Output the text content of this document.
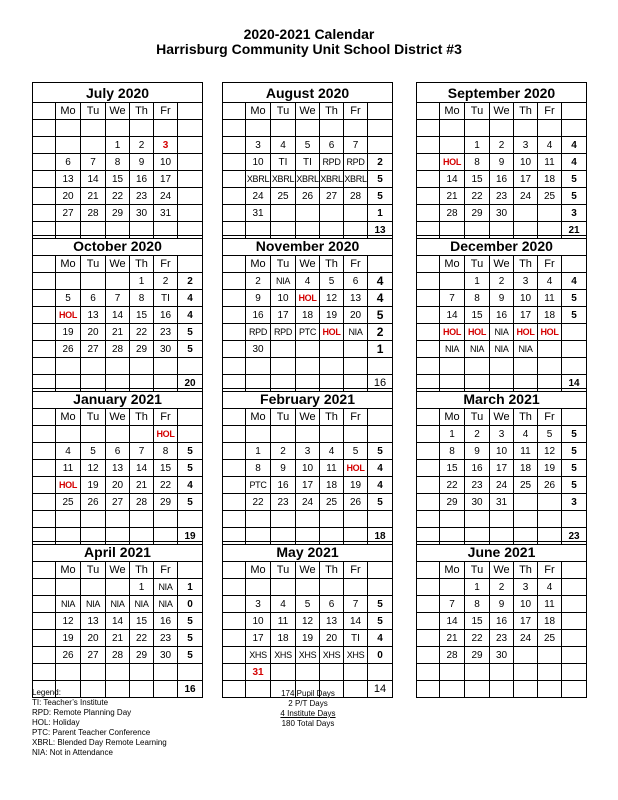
2020-2021 Calendar
Harrisburg Community Unit School District #3
July 2020						
	Mo	Tu	We	Th	Fr	

			1	2	3	
	6	7	8	9	10	
	13	14	15	16	17	
	20	21	22	23	24	
	27	28	29	30	31	

August 2020						
	Mo	Tu	We	Th	Fr	

	3	4	5	6	7	
	10	TI	TI	RPD	RPD	2
	XBRL	XBRL	XBRL	XBRL	XBRL	5
	24	25	26	27	28	5
	31					1
						13
September 2020						
	Mo	Tu	We	Th	Fr	

		1	2	3	4	4
	HOL	8	9	10	11	4
	14	15	16	17	18	5
	21	22	23	24	25	5
	28	29	30			3
						21
October 2020						
	Mo	Tu	We	Th	Fr	
				1	2	2
	5	6	7	8	TI	4
	HOL	13	14	15	16	4
	19	20	21	22	23	5
	26	27	28	29	30	5

						20
November 2020						
	Mo	Tu	We	Th	Fr	
	2	NIA	4	5	6	4
	9	10	HOL	12	13	4
	16	17	18	19	20	5
	RPD	RPD	PTC	HOL	NIA	2
	30					1

						16
December 2020						
	Mo	Tu	We	Th	Fr	
		1	2	3	4	4
	7	8	9	10	11	5
	14	15	16	17	18	5
	HOL	HOL	NIA	HOL	HOL	
	NIA	NIA	NIA	NIA		

						14
January 2021						
	Mo	Tu	We	Th	Fr	
					HOL	
	4	5	6	7	8	5
	11	12	13	14	15	5
	HOL	19	20	21	22	4
	25	26	27	28	29	5

						19
February 2021						
	Mo	Tu	We	Th	Fr	

	1	2	3	4	5	5
	8	9	10	11	HOL	4
	PTC	16	17	18	19	4
	22	23	24	25	26	5

						18
March 2021						
	Mo	Tu	We	Th	Fr	
	1	2	3	4	5	5
	8	9	10	11	12	5
	15	16	17	18	19	5
	22	23	24	25	26	5
	29	30	31			3

						23
April 2021						
	Mo	Tu	We	Th	Fr	
				1	NIA	1
	NIA	NIA	NIA	NIA	NIA	0
	12	13	14	15	16	5
	19	20	21	22	23	5
	26	27	28	29	30	5

						16
May 2021						
	Mo	Tu	We	Th	Fr	

	3	4	5	6	7	5
	10	11	12	13	14	5
	17	18	19	20	TI	4
	XHS	XHS	XHS	XHS	XHS	0
	31					
						14
June 2021						
	Mo	Tu	We	Th	Fr	
		1	2	3	4	
	7	8	9	10	11	
	14	15	16	17	18	
	21	22	23	24	25	
	28	29	30			

Legend:
TI: Teacher’s Institute
RPD: Remote Planning Day
HOL: Holiday
PTC: Parent Teacher Conference
XBRL: Blended Day Remote Learning
NIA: Not in Attendance
174 Pupil Days
2 P/T Days
4 Institute Days
180 Total Days
